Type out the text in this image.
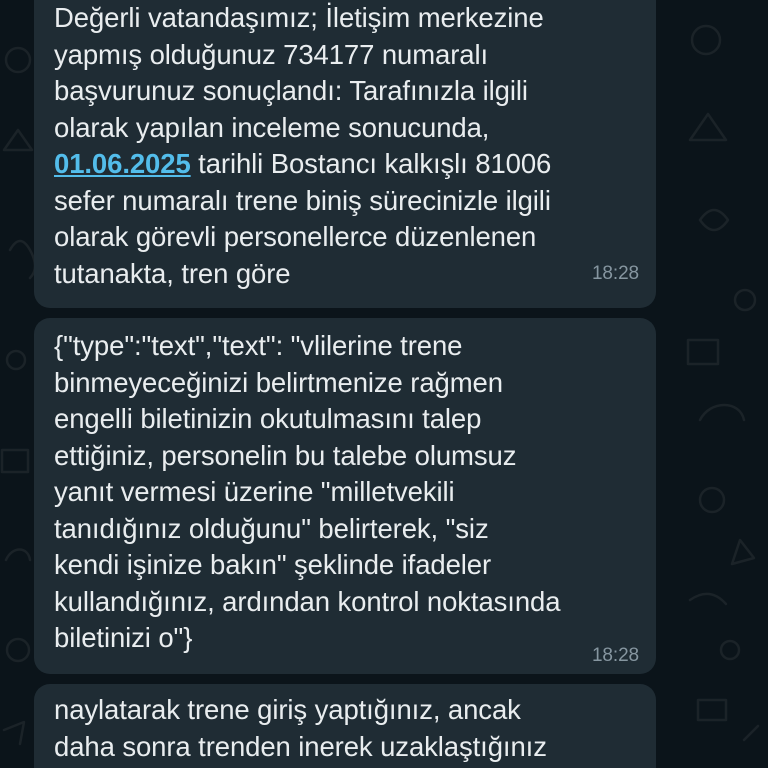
Değerli vatandaşımız; İletişim merkezine
yapmış olduğunuz 734177 numaralı
başvurunuz sonuçlandı: Tarafınızla ilgili
olarak yapılan inceleme sonucunda,
01.06.2025 tarihli Bostancı kalkışlı 81006
sefer numaralı trene biniş sürecinizle ilgili
olarak görevli personellerce düzenlenen
tutanakta, tren göre	18:28
{"type":"text","text": "vlilerine trene
binmeyeceğinizi belirtmenize rağmen
engelli biletinizin okutulmasını talep
ettiğiniz, personelin bu talebe olumsuz
yanıt vermesi üzerine "milletvekili
tanıdığınız olduğunu" belirterek, "siz
kendi işinize bakın" şeklinde ifadeler
kullandığınız, ardından kontrol noktasında
biletinizi o"}
18:28
naylatarak trene giriş yaptığınız, ancak
daha sonra trenden inerek uzaklaştığınız
